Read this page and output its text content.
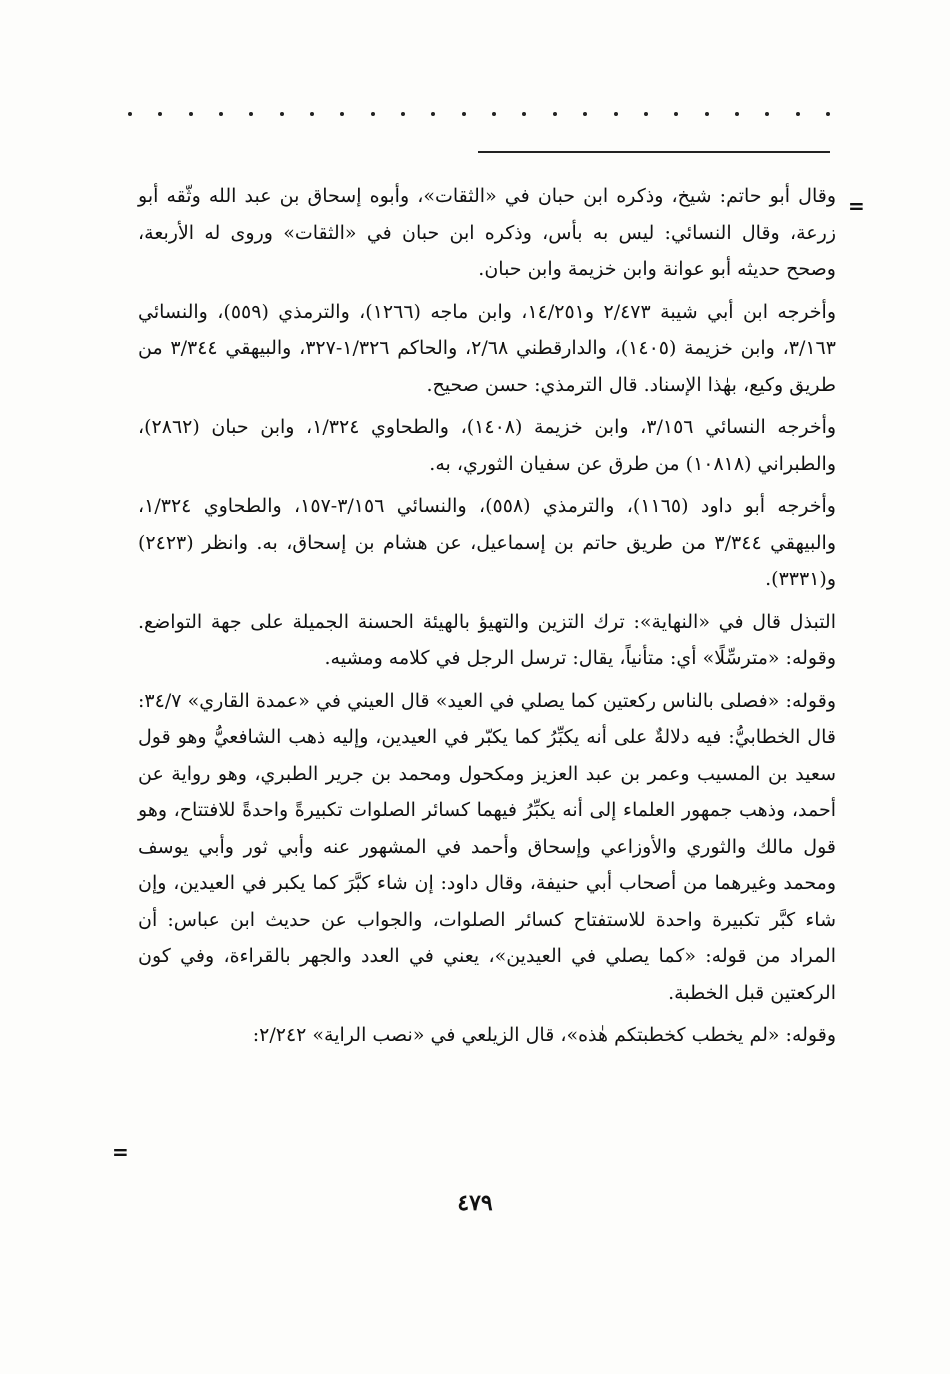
=

وقال أبو حاتم: شيخ، وذكره ابن حبان في «الثقات»، وأبوه إسحاق بن عبد الله وثّقه أبو زرعة، وقال النسائي: ليس به بأس، وذكره ابن حبان في «الثقات» وروى له الأربعة، وصحح حديثه أبو عوانة وابن خزيمة وابن حبان.

وأخرجه ابن أبي شيبة ٢/٤٧٣ و١٤/٢٥١، وابن ماجه (١٢٦٦)، والترمذي (٥٥٩)، والنسائي ٣/١٦٣، وابن خزيمة (١٤٠٥)، والدارقطني ٢/٦٨، والحاكم ١/٣٢٦-٣٢٧، والبيهقي ٣/٣٤٤ من طريق وكيع، بهٰذا الإسناد. قال الترمذي: حسن صحيح.

وأخرجه النسائي ٣/١٥٦، وابن خزيمة (١٤٠٨)، والطحاوي ١/٣٢٤، وابن حبان (٢٨٦٢)، والطبراني (١٠٨١٨) من طرق عن سفيان الثوري، به.

وأخرجه أبو داود (١١٦٥)، والترمذي (٥٥٨)، والنسائي ٣/١٥٦-١٥٧، والطحاوي ١/٣٢٤، والبيهقي ٣/٣٤٤ من طريق حاتم بن إسماعيل، عن هشام بن إسحاق، به. وانظر (٢٤٢٣) و(٣٣٣١).

التبذل قال في «النهاية»: ترك التزين والتهيؤ بالهيئة الحسنة الجميلة على جهة التواضع. وقوله: «مترسِّلًا» أي: متأنياً، يقال: ترسل الرجل في كلامه ومشيه.

وقوله: «فصلى بالناس ركعتين كما يصلي في العيد» قال العيني في «عمدة القاري» ٣٤/٧: قال الخطابيُّ: فيه دلالةٌ على أنه يكبِّرُ كما يكبّر في العيدين، وإليه ذهب الشافعيُّ وهو قول سعيد بن المسيب وعمر بن عبد العزيز ومكحول ومحمد بن جرير الطبري، وهو رواية عن أحمد، وذهب جمهور العلماء إلى أنه يكبِّرُ فيهما كسائر الصلوات تكبيرةً واحدةً للافتتاح، وهو قول مالك والثوري والأوزاعي وإسحاق وأحمد في المشهور عنه وأبي ثور وأبي يوسف ومحمد وغيرهما من أصحاب أبي حنيفة، وقال داود: إن شاء كبَّرَ كما يكبر في العيدين، وإن شاء كبَّر تكبيرة واحدة للاستفتاح كسائر الصلوات، والجواب عن حديث ابن عباس: أن المراد من قوله: «كما يصلي في العيدين»، يعني في العدد والجهر بالقراءة، وفي كون الركعتين قبل الخطبة.

وقوله: «لم يخطب كخطبتكم هٰذه»، قال الزيلعي في «نصب الراية» ٢/٢٤٢:

=
٤٧٩
